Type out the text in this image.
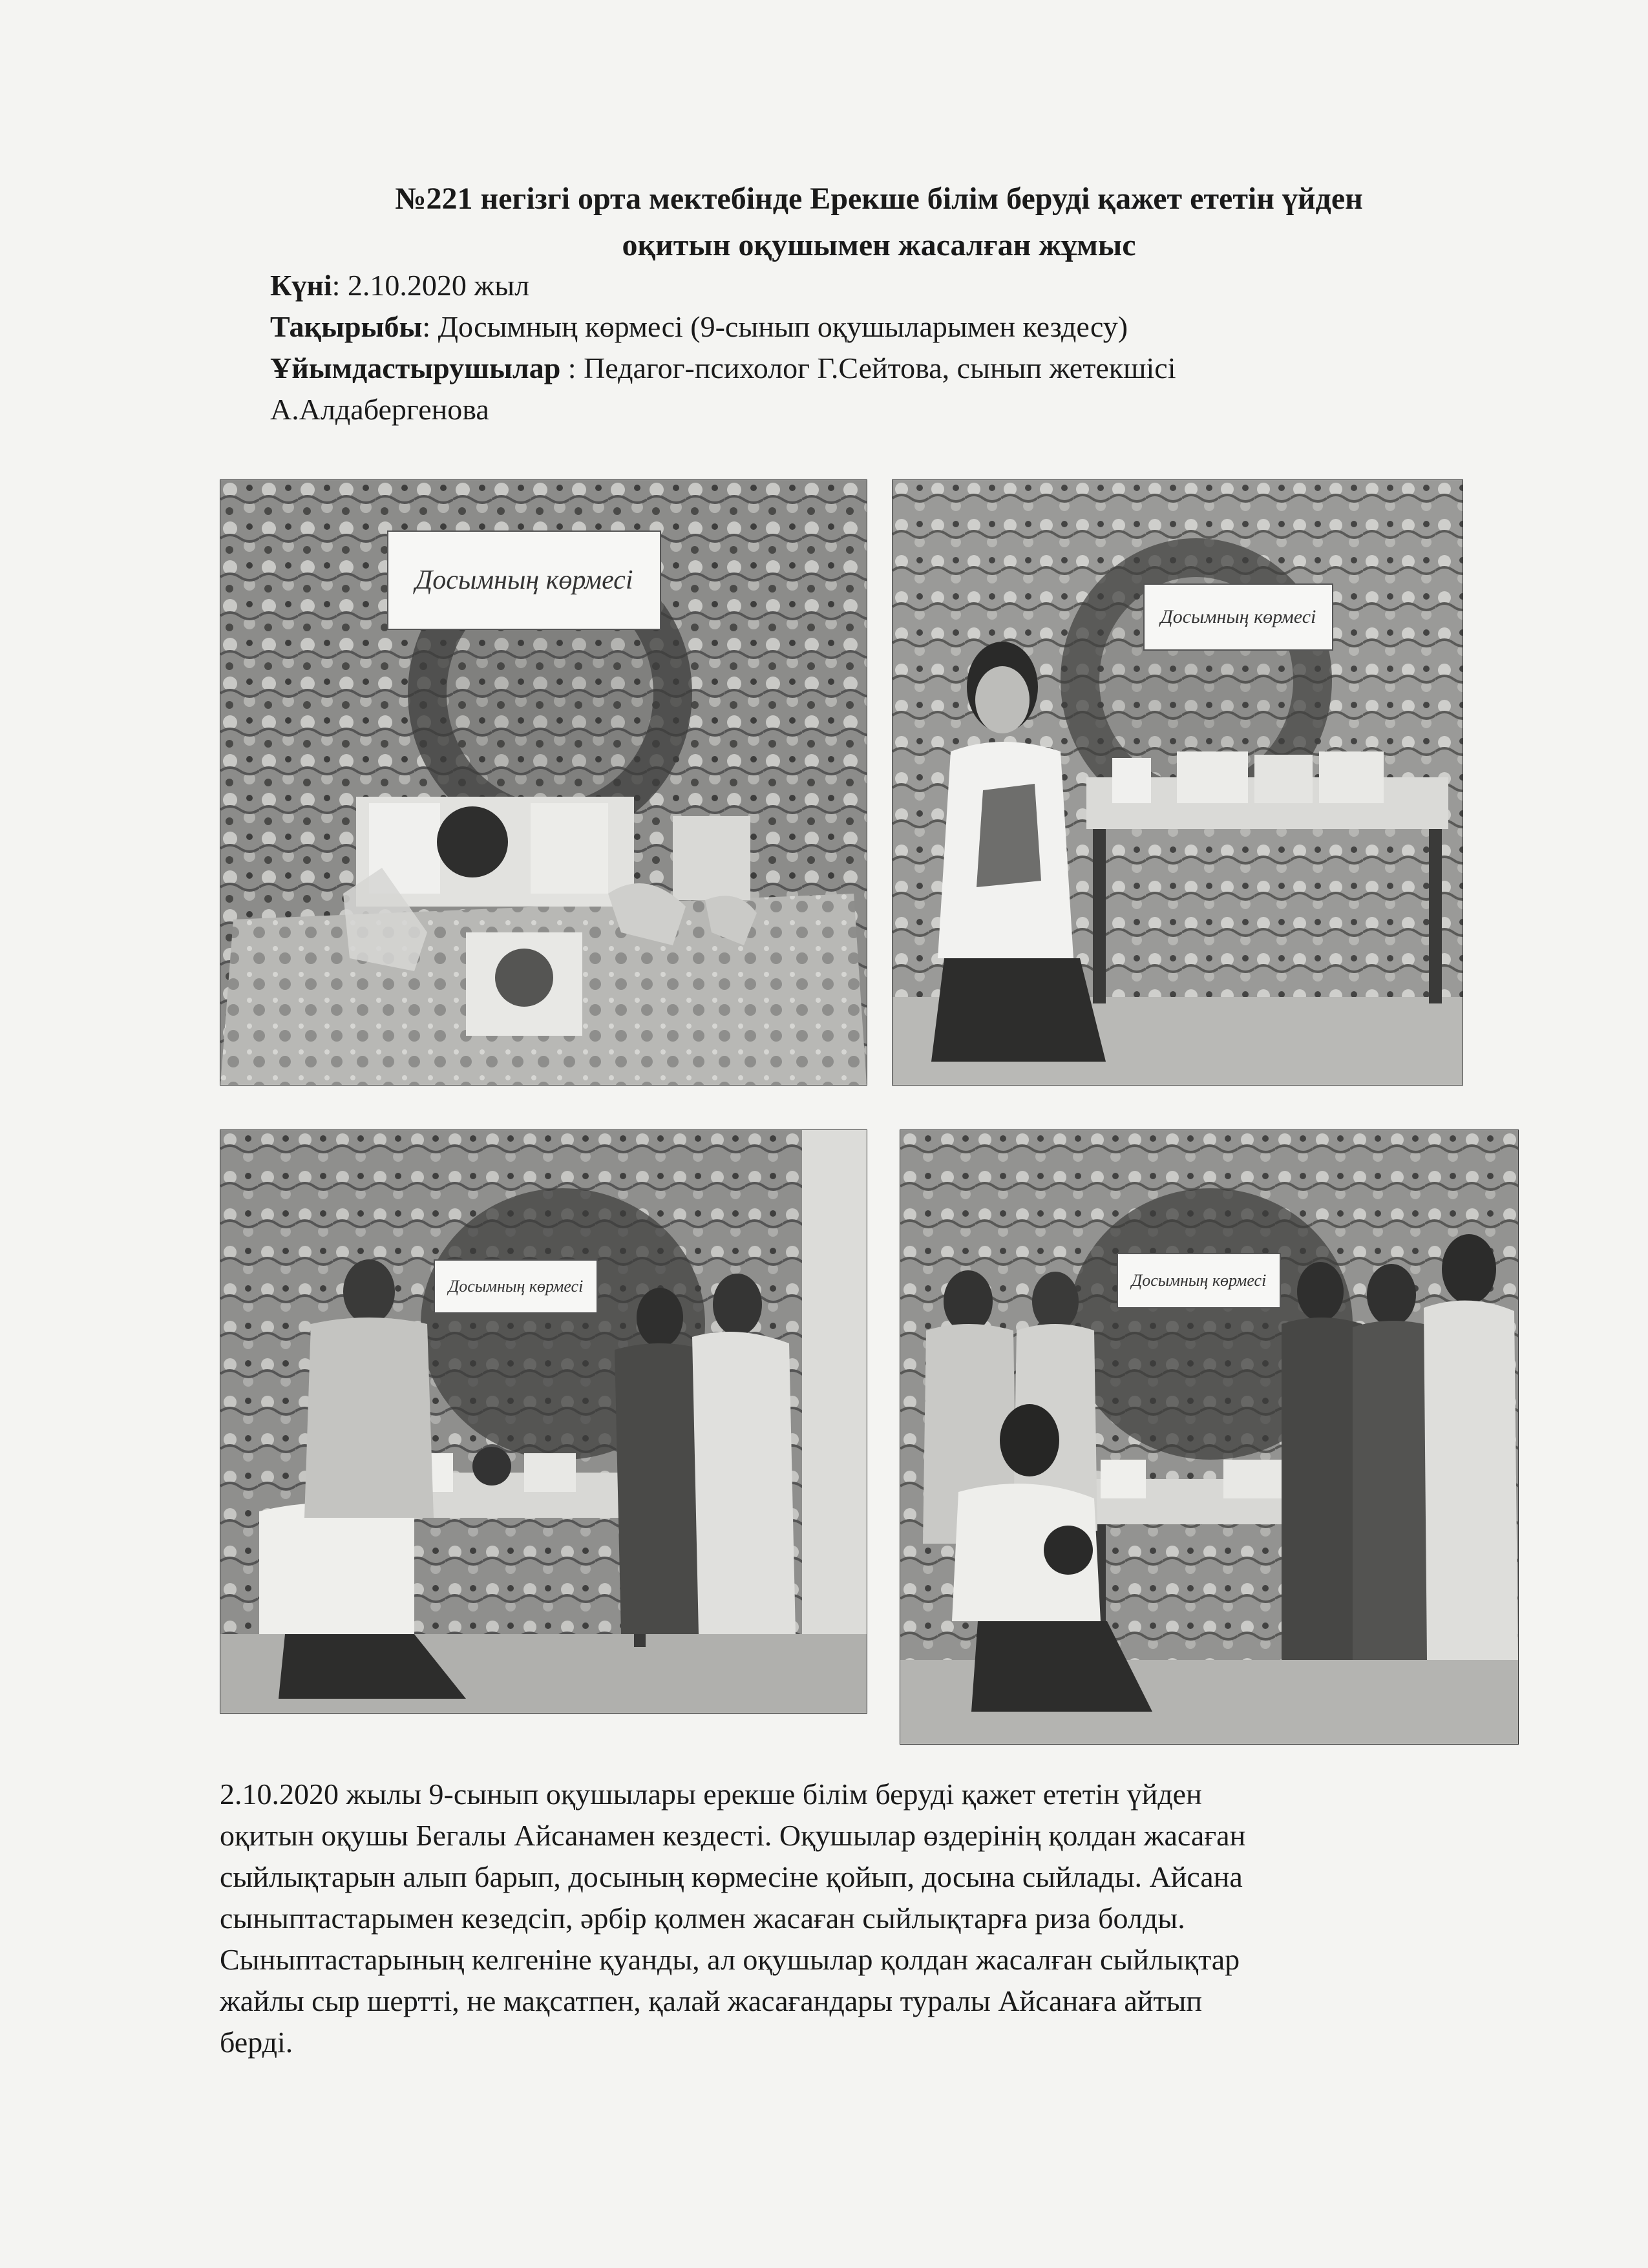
№221 негізгі орта мектебінде Ерекше білім беруді қажет ететін үйден
оқитын оқушымен жасалған жұмыс
Күні: 2.10.2020 жыл
Тақырыбы: Досымның көрмесі (9-сынып оқушыларымен кездесу)
Ұйымдастырушылар : Педагог-психолог Г.Сейтова, сынып жетекшісі
А.Алдабергенова
Досымның көрмесі
Досымның көрмесі
Досымның көрмесі	Досымның көрмесі

2.10.2020 жылы 9-сынып оқушылары ерекше білім беруді қажет ететін үйден

оқитын оқушы Бегалы Айсанамен кездесті. Оқушылар өздерінің қолдан жасаған

сыйлықтарын алып барып, досының көрмесіне қойып, досына сыйлады. Айсана

сыныптастарымен кезедсіп, әрбір қолмен жасаған сыйлықтарға риза болды.

Сыныптастарының келгеніне қуанды, ал оқушылар қолдан жасалған сыйлықтар

жайлы сыр шертті, не мақсатпен, қалай жасағандары туралы Айсанаға айтып

берді.
